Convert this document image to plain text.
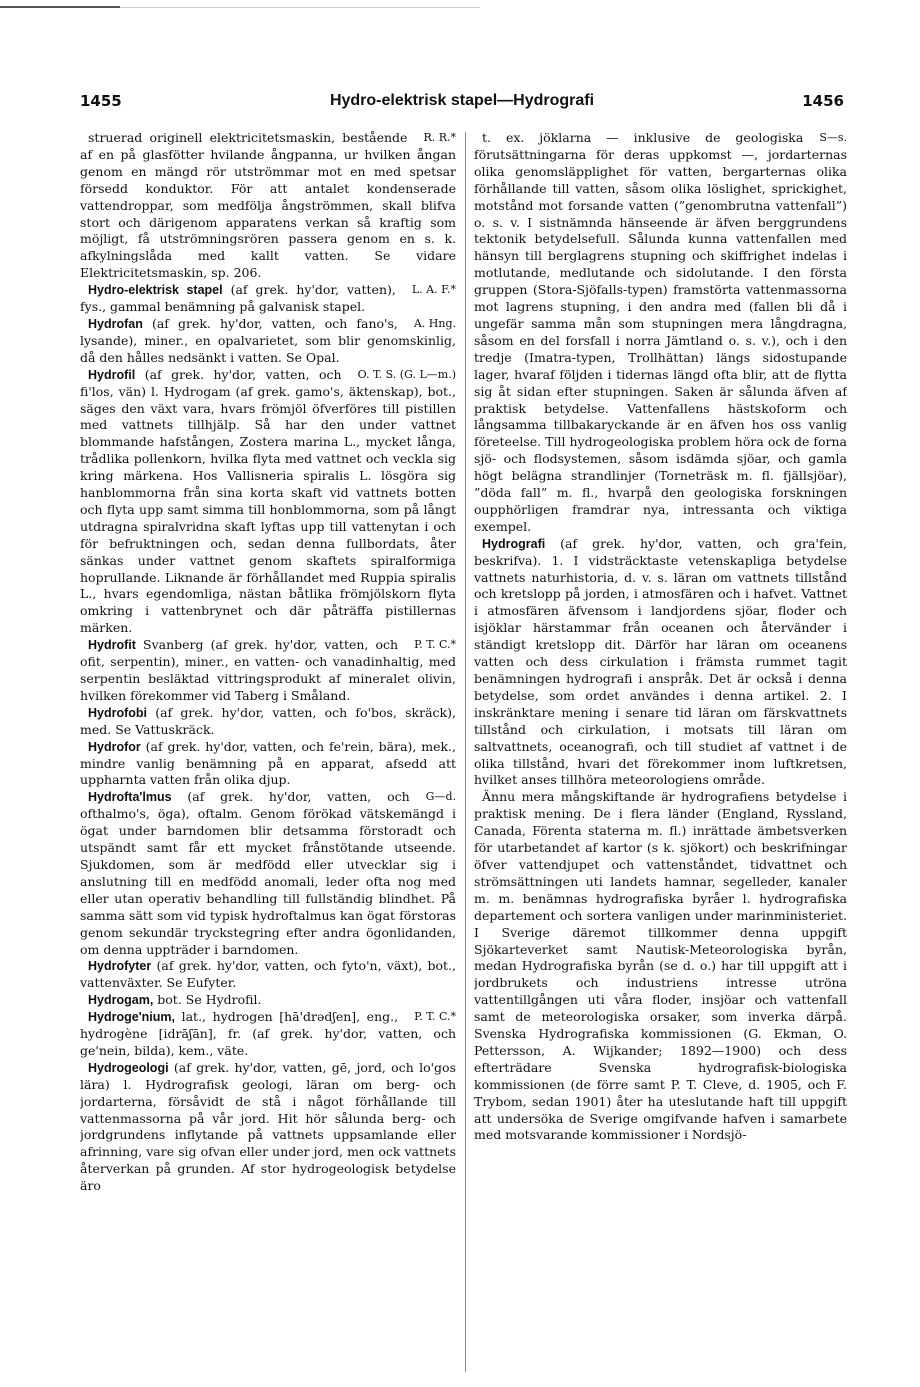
1455	Hydro-elektrisk stapel—Hydrografi	1456

R. R.*
struerad originell elektricitetsmaskin, bestående af en på glasfötter hvilande ångpanna, ur hvilken ångan genom en mängd rör utströmmar mot en med spetsar försedd konduktor. För att antalet kondenserade vattendroppar, som medfölja ångströmmen, skall blifva stort och därigenom apparatens verkan så kraftig som möjligt, få utströmningsrören passera genom en s. k. afkylningslåda med kallt vatten. Se vidare Elektricitetsmaskin, sp. 206.

L. A. F.*
Hydro-elektrisk stapel (af grek. hy'dor, vatten), fys., gammal benämning på galvanisk stapel.

A. Hng.
Hydrofan (af grek. hy'dor, vatten, och fano's, lysande), miner., en opalvarietet, som blir genomskinlig, då den hålles nedsänkt i vatten. Se Opal.

O. T. S. (G. L—m.)
Hydrofil (af grek. hy'dor, vatten, och fi'los, vän) l. Hydrogam (af grek. gamo's, äktenskap), bot., säges den växt vara, hvars frömjöl öfverföres till pistillen med vattnets tillhjälp. Så har den under vattnet blommande hafstången, Zostera marina L., mycket långa, trådlika pollenkorn, hvilka flyta med vattnet och veckla sig kring märkena. Hos Vallisneria spiralis L. lösgöra sig hanblommorna från sina korta skaft vid vattnets botten och flyta upp samt simma till honblommorna, som på långt utdragna spiralvridna skaft lyftas upp till vattenytan i och för befruktningen och, sedan denna fullbordats, åter sänkas under vattnet genom skaftets spiralformiga hoprullande. Liknande är förhållandet med Ruppia spiralis L., hvars egendomliga, nästan båtlika frömjölskorn flyta omkring i vattenbrynet och där påträffa pistillernas märken.

P. T. C.*
Hydrofit Svanberg (af grek. hy'dor, vatten, och ofit, serpentin), miner., en vatten- och vanadinhaltig, med serpentin besläktad vittringsprodukt af mineralet olivin, hvilken förekommer vid Taberg i Småland.

Hydrofobi (af grek. hy'dor, vatten, och fo'bos, skräck), med. Se Vattuskräck.

Hydrofor (af grek. hy'dor, vatten, och fe'rein, bära), mek., mindre vanlig benämning på en apparat, afsedd att uppharnta vatten från olika djup.

G—d.
Hydrofta'lmus (af grek. hy'dor, vatten, och ofthalmo's, öga), oftalm. Genom förökad vätskemängd i ögat under barndomen blir detsamma förstoradt och utspändt samt får ett mycket frånstötande utseende. Sjukdomen, som är medfödd eller utvecklar sig i anslutning till en medfödd anomali, leder ofta nog med eller utan operativ behandling till fullständig blindhet. På samma sätt som vid typisk hydroftalmus kan ögat förstoras genom sekundär tryckstegring efter andra ögonlidanden, om denna uppträder i barndomen.

Hydrofyter (af grek. hy'dor, vatten, och fyto'n, växt), bot., vattenväxter. Se Eufyter.

Hydrogam, bot. Se Hydrofil.

P. T. C.*
Hydroge'nium, lat., hydrogen [hā'drədʃen], eng., hydrogène [idrāʃān], fr. (af grek. hy'dor, vatten, och ge'nein, bilda), kem., väte.

Hydrogeologi (af grek. hy'dor, vatten, gē, jord, och lo'gos lära) l. Hydrografisk geologi, läran om berg- och jordarterna, försåvidt de stå i något förhållande till vattenmassorna på vår jord. Hit hör sålunda berg- och jordgrundens inflytande på vattnets uppsamlande eller afrinning, vare sig ofvan eller under jord, men ock vattnets återverkan på grunden. Af stor hydrogeologisk betydelse äro

S—s.
t. ex. jöklarna — inklusive de geologiska förutsättningarna för deras uppkomst —, jordarternas olika genomsläpplighet för vatten, bergarternas olika förhållande till vatten, såsom olika löslighet, sprickighet, motstånd mot forsande vatten (”genombrutna vattenfall”) o. s. v. I sistnämnda hänseende är äfven berggrundens tektonik betydelsefull. Sålunda kunna vattenfallen med hänsyn till berglagrens stupning och skiffrighet indelas i motlutande, medlutande och sidolutande. I den första gruppen (Stora-Sjöfalls-typen) framstörta vattenmassorna mot lagrens stupning, i den andra med (fallen bli då i ungefär samma mån som stupningen mera långdragna, såsom en del forsfall i norra Jämtland o. s. v.), och i den tredje (Imatra-typen, Trollhättan) längs sidostupande lager, hvaraf följden i tidernas längd ofta blir, att de flytta sig åt sidan efter stupningen. Saken är sålunda äfven af praktisk betydelse. Vattenfallens hästskoform och långsamma tillbakaryckande är en äfven hos oss vanlig företeelse. Till hydrogeologiska problem höra ock de forna sjö- och flodsystemen, såsom isdämda sjöar, och gamla högt belägna strandlinjer (Torneträsk m. fl. fjällsjöar), ”döda fall” m. fl., hvarpå den geologiska forskningen oupphörligen framdrar nya, intressanta och viktiga exempel.

Hydrografi (af grek. hy'dor, vatten, och gra'fein, beskrifva). 1. I vidsträcktaste vetenskapliga betydelse vattnets naturhistoria, d. v. s. läran om vattnets tillstånd och kretslopp på jorden, i atmosfären och i hafvet. Vattnet i atmosfären äfvensom i landjordens sjöar, floder och isjöklar härstammar från oceanen och återvänder i ständigt kretslopp dit. Därför har läran om oceanens vatten och dess cirkulation i främsta rummet tagit benämningen hydrografi i anspråk. Det är också i denna betydelse, som ordet användes i denna artikel. 2. I inskränktare mening i senare tid läran om färskvattnets tillstånd och cirkulation, i motsats till läran om saltvattnets, oceanografi, och till studiet af vattnet i de olika tillstånd, hvari det förekommer inom luftkretsen, hvilket anses tillhöra meteorologiens område.

Ännu mera mångskiftande är hydrografiens betydelse i praktisk mening. De i flera länder (England, Ryssland, Canada, Förenta staterna m. fl.) inrättade ämbetsverken för utarbetandet af kartor (s k. sjökort) och beskrifningar öfver vattendjupet och vattenståndet, tidvattnet och strömsättningen uti landets hamnar, segelleder, kanaler m. m. benämnas hydrografiska byråer l. hydrografiska departement och sortera vanligen under marinministeriet. I Sverige däremot tillkommer denna uppgift Sjökarteverket samt Nautisk-Meteorologiska byrån, medan Hydrografiska byrån (se d. o.) har till uppgift att i jordbrukets och industriens intresse utröna vattentillgången uti våra floder, insjöar och vattenfall samt de meteorologiska orsaker, som inverka därpå. Svenska Hydrografiska kommissionen (G. Ekman, O. Pettersson, A. Wijkander; 1892—1900) och dess efterträdare Svenska hydrografisk-biologiska kommissionen (de förre samt P. T. Cleve, d. 1905, och F. Trybom, sedan 1901) åter ha uteslutande haft till uppgift att undersöka de Sverige omgifvande hafven i samarbete med motsvarande kommissioner i Nordsjö-
